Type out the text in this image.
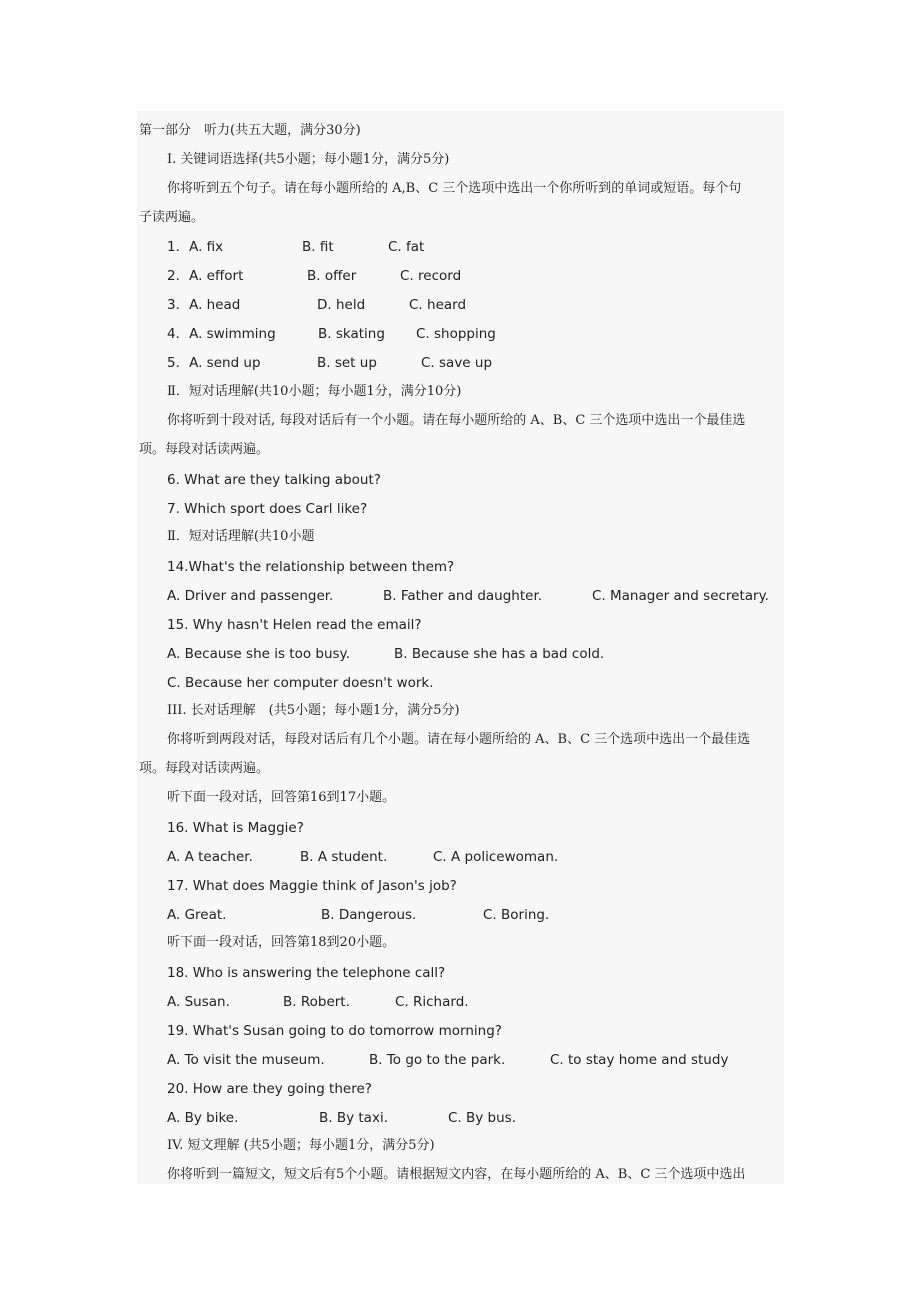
第一部分　听力(共五大题，满分30分)
I. 关键词语选择(共5小题；每小题1分，满分5分)
你将听到五个句子。请在每小题所给的 A,B、C 三个选项中选出一个你所听到的单词或短语。每个句
子读两遍。
1．A. fix	B. fit	C. fat
2．A. effort	B. offer	C. record
3．A. head	D. held	C. heard
4．A. swimming	B. skating C. shopping
5．A. send up	B. set up	C. save up
Ⅱ．短对话理解(共10小题；每小题1分，满分10分)
你将听到十段对话, 每段对话后有一个小题。请在每小题所给的 A、B、C 三个选项中选出一个最佳选
项。每段对话读两遍。
6. What are they talking about?
7. Which sport does Carl like?
Ⅱ．短对话理解(共10小题
14.What's the relationship between them?
A. Driver and passenger.	B. Father and daughter.	C. Manager and secretary.
15. Why hasn't Helen read the email?
A. Because she is too busy.	B. Because she has a bad cold.
C. Because her computer doesn't work.
III. 长对话理解　(共5小题；每小题1分，满分5分)
你将听到两段对话，每段对话后有几个小题。请在每小题所给的 A、B、C 三个选项中选出一个最佳选
项。每段对话读两遍。
听下面一段对话，回答第16到17小题。
16. What is Maggie?
A. A teacher.	B. A student.	C. A policewoman.
17. What does Maggie think of Jason's job?
A. Great.	B. Dangerous.	C. Boring.
听下面一段对话，回答第18到20小题。
18. Who is answering the telephone call?
A. Susan.	B. Robert.	C. Richard.
19. What's Susan going to do tomorrow morning?
A. To visit the museum.	B. To go to the park.	C. to stay home and study
20. How are they going there?
A. By bike.	B. By taxi.	C. By bus.
IV. 短文理解 (共5小题；每小题1分，满分5分)
你将听到一篇短文，短文后有5个小题。请根据短文内容，在每小题所给的 A、B、C 三个选项中选出
